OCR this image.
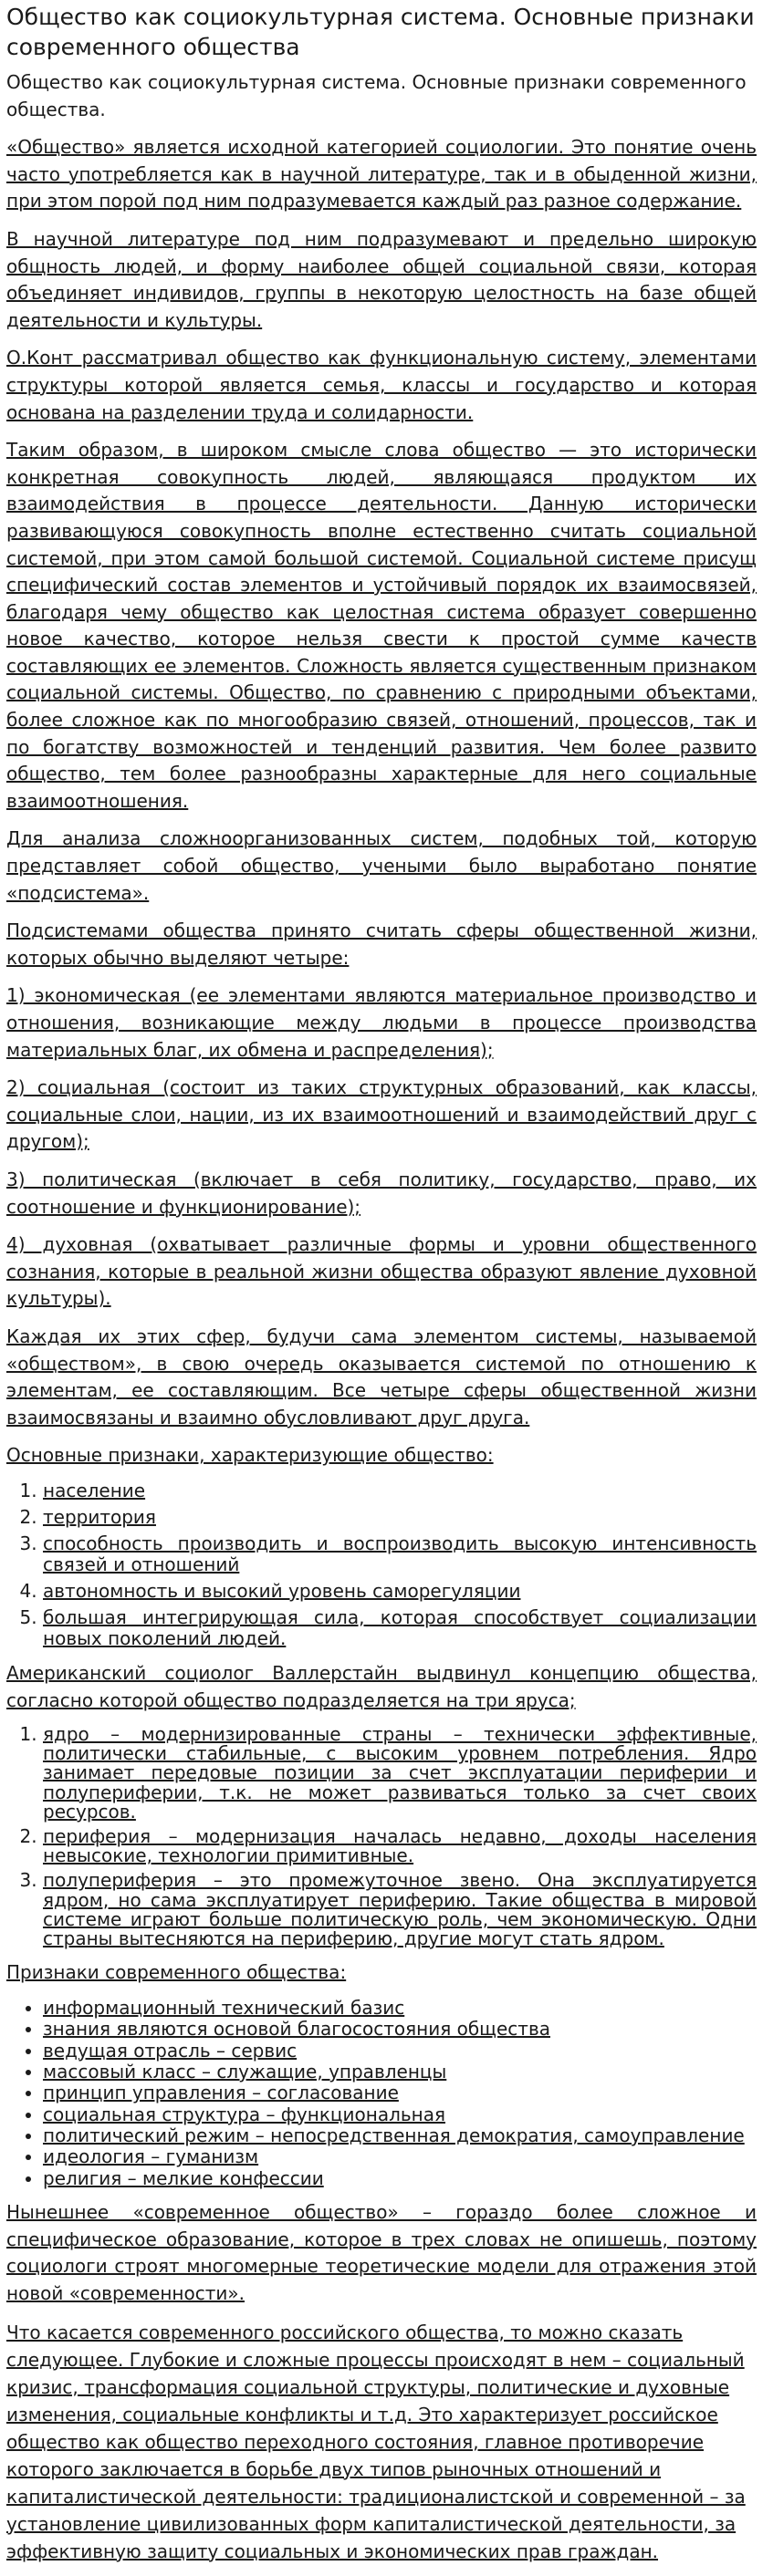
Общество как социокультурная система. Основные признаки современного общества

Общество как социокультурная система. Основные признаки современного общества.

«Общество» является исходной категорией социологии. Это понятие очень часто употребляется как в научной литературе, так и в обыденной жизни, при этом порой под ним подразумевается каждый раз разное содержание.

В научной литературе под ним подразумевают и предельно широкую общность людей, и форму наиболее общей социальной связи, которая объединяет индивидов, группы в некоторую целостность на базе общей деятельности и культуры.

О.Конт рассматривал общество как функциональную систему, элементами структуры которой является семья, классы и государство и которая основана на разделении труда и солидарности.

Таким образом, в широком смысле слова общество — это исторически конкретная совокупность людей, являющаяся продуктом их взаимодействия в процессе деятельности. Данную исторически развивающуюся совокупность вполне естественно считать социальной системой, при этом самой большой системой. Социальной системе присущ специфический состав элементов и устойчивый порядок их взаимосвязей, благодаря чему общество как целостная система образует совершенно новое качество, которое нельзя свести к простой сумме качеств составляющих ее элементов. Сложность является существенным признаком социальной системы. Общество, по сравнению с природными объектами, более сложное как по многообразию связей, отношений, процессов, так и по богатству возможностей и тенденций развития. Чем более развито общество, тем более разнообразны характерные для него социальные взаимоотношения.

Для анализа сложноорганизованных систем, подобных той, которую представляет собой общество, учеными было выработано понятие «подсистема».

Подсистемами общества принято считать сферы общественной жизни, которых обычно выделяют четыре:

1) экономическая (ее элементами являются материальное производство и отношения, возникающие между людьми в процессе производства материальных благ, их обмена и распределения);

2) социальная (состоит из таких структурных образований, как классы, социальные слои, нации, из их взаимоотношений и взаимодействий друг с другом);

3) политическая (включает в себя политику, государство, право, их соотношение и функционирование);

4) духовная (охватывает различные формы и уровни общественного сознания, которые в реальной жизни общества образуют явление духовной культуры).

Каждая их этих сфер, будучи сама элементом системы, называемой «обществом», в свою очередь оказывается системой по отношению к элементам, ее составляющим. Все четыре сферы общественной жизни взаимосвязаны и взаимно обусловливают друг друга.

Основные признаки, характеризующие общество:

1. население
2. территория
3. способность производить и воспроизводить высокую интенсивность связей и отношений
4. автономность и высокий уровень саморегуляции
5. большая интегрирующая сила, которая способствует социализации новых поколений людей.

Американский социолог Валлерстайн выдвинул концепцию общества, согласно которой общество подразделяется на три яруса;

1. ядро – модернизированные страны – технически эффективные, политически стабильные, с высоким уровнем потребления. Ядро занимает передовые позиции за счет эксплуатации периферии и полупериферии, т.к. не может развиваться только за счет своих ресурсов.
2. периферия – модернизация началась недавно, доходы населения невысокие, технологии примитивные.
3. полупериферия – это промежуточное звено. Она эксплуатируется ядром, но сама эксплуатирует периферию. Такие общества в мировой системе играют больше политическую роль, чем экономическую. Одни страны вытесняются на периферию, другие могут стать ядром.

Признаки современного общества:

• информационный технический базис
• знания являются основой благосостояния общества
• ведущая отрасль – сервис
• массовый класс – служащие, управленцы
• принцип управления – согласование
• социальная структура – функциональная
• политический режим – непосредственная демократия, самоуправление
• идеология – гуманизм
• религия – мелкие конфессии

Нынешнее «современное общество» – гораздо более сложное и специфическое образование, которое в трех словах не опишешь, поэтому социологи строят многомерные теоретические модели для отражения этой новой «современности».

Что касается современного российского общества, то можно сказать следующее. Глубокие и сложные процессы происходят в нем – социальный кризис, трансформация социальной структуры, политические и духовные изменения, социальные конфликты и т.д. Это характеризует российское общество как общество переходного состояния, главное противоречие которого заключается в борьбе двух типов рыночных отношений и капиталистической деятельности: традиционалистской и современной – за установление цивилизованных форм капиталистической деятельности, за эффективную защиту социальных и экономических прав граждан.
